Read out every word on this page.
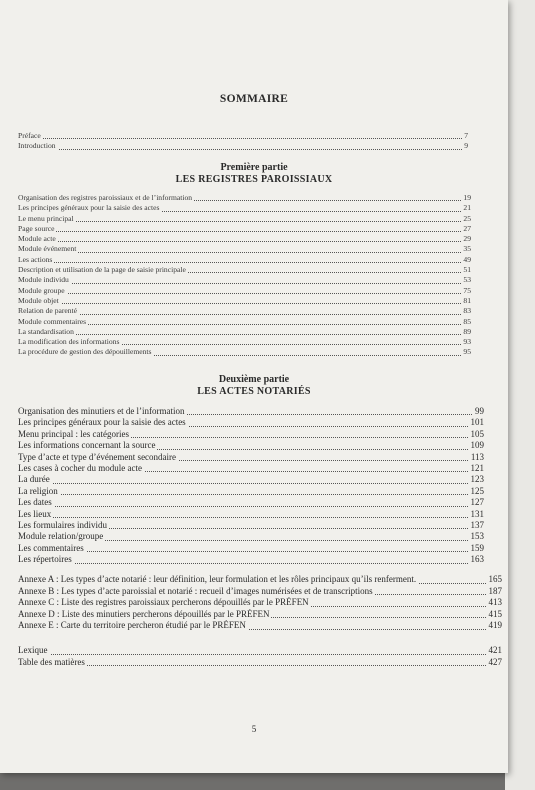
SOMMAIRE
Préface	7
Introduction	9
Première partie
LES REGISTRES PAROISSIAUX
Organisation des registres paroissiaux et de l’information	19
Les principes généraux pour la saisie des actes	21
Le menu principal	25
Page source	27
Module acte	29
Module événement	35
Les actions	49
Description et utilisation de la page de saisie principale	51
Module individu	53
Module groupe	75
Module objet	81
Relation de parenté	83
Module commentaires	85
La standardisation	89
La modification des informations	93
La procédure de gestion des dépouillements	95
Deuxième partie
LES ACTES NOTARIÉS
Organisation des minutiers et de l’information	99
Les principes généraux pour la saisie des actes	101
Menu principal : les catégories	105
Les informations concernant la source	109
Type d’acte et type d’événement secondaire	113
Les cases à cocher du module acte	121
La durée	123
La religion	125
Les dates	127
Les lieux	131
Les formulaires individu	137
Module relation/groupe	153
Les commentaires	159
Les répertoires	163
Annexe A : Les types d’acte notarié : leur définition, leur formulation et les rôles principaux qu’ils renferment.	165
Annexe B : Les types d’acte paroissial et notarié : recueil d’images numérisées et de transcriptions	187
Annexe C : Liste des registres paroissiaux percherons dépouillés par le PRÉFEN	413
Annexe D : Liste des minutiers percherons dépouillés par le PRÉFEN	415
Annexe E : Carte du territoire percheron étudié par le PRÉFEN	419
Lexique	421
Table des matières	427
5
